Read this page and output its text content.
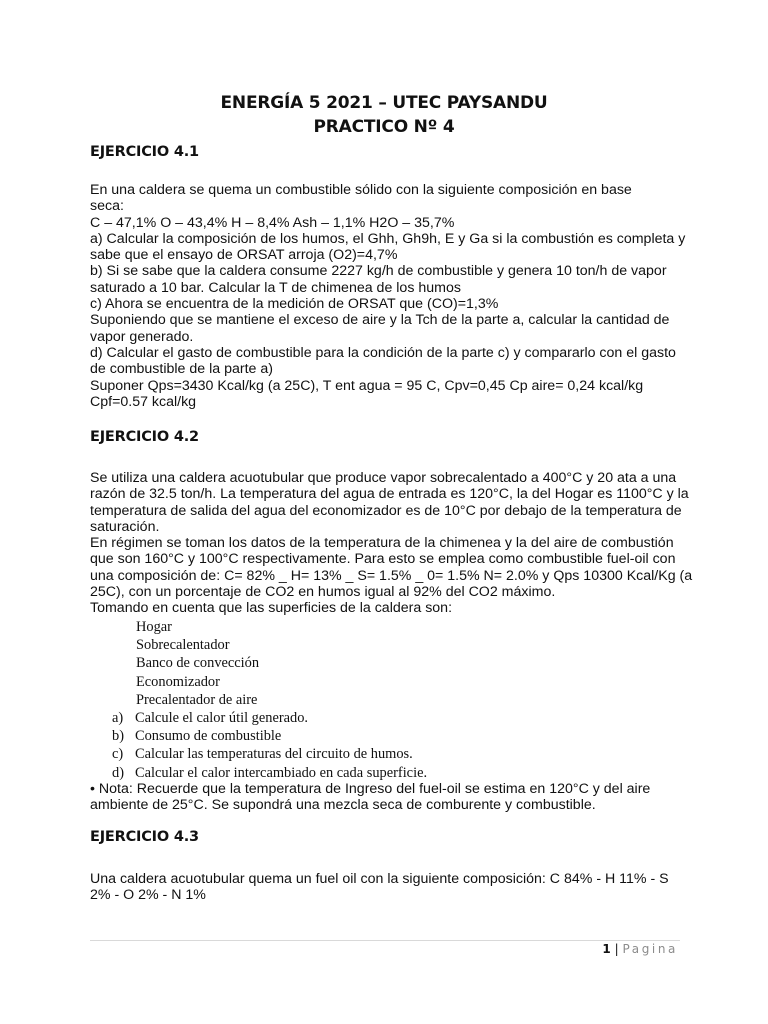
ENERGÍA 5 2021 – UTEC PAYSANDU
PRACTICO Nº 4
EJERCICIO 4.1
En una caldera se quema un combustible sólido con la siguiente composición en base
seca:
C – 47,1% O – 43,4% H – 8,4% Ash – 1,1% H2O – 35,7%
a) Calcular la composición de los humos, el Ghh, Gh9h, E y Ga si la combustión es completa y
sabe que el ensayo de ORSAT arroja (O2)=4,7%
b) Si se sabe que la caldera consume 2227 kg/h de combustible y genera 10 ton/h de vapor
saturado a 10 bar. Calcular la T de chimenea de los humos
c) Ahora se encuentra de la medición de ORSAT que (CO)=1,3%
Suponiendo que se mantiene el exceso de aire y la Tch de la parte a, calcular la cantidad de
vapor generado.
d) Calcular el gasto de combustible para la condición de la parte c) y compararlo con el gasto
de combustible de la parte a)
Suponer Qps=3430 Kcal/kg (a 25C), T ent agua = 95 C, Cpv=0,45 Cp aire= 0,24 kcal/kg
Cpf=0.57 kcal/kg
EJERCICIO 4.2
Se utiliza una caldera acuotubular que produce vapor sobrecalentado a 400°C y 20 ata a una
razón de 32.5 ton/h. La temperatura del agua de entrada es 120°C, la del Hogar es 1100°C y la
temperatura de salida del agua del economizador es de 10°C por debajo de la temperatura de
saturación.
En régimen se toman los datos de la temperatura de la chimenea y la del aire de combustión
que son 160°C y 100°C respectivamente. Para esto se emplea como combustible fuel-oil con
una composición de: C= 82% _ H= 13% _ S= 1.5% _ 0= 1.5% N= 2.0% y Qps 10300 Kcal/Kg (a
25C), con un porcentaje de CO2 en humos igual al 92% del CO2 máximo.
Tomando en cuenta que las superficies de la caldera son:
Hogar
Sobrecalentador
Banco de convección
Economizador
Precalentador de aire
a) Calcule el calor útil generado.
b) Consumo de combustible
c) Calcular las temperaturas del circuito de humos.
d) Calcular el calor intercambiado en cada superficie.
• Nota: Recuerde que la temperatura de Ingreso del fuel-oil se estima en 120°C y del aire
ambiente de 25°C. Se supondrá una mezcla seca de comburente y combustible.
EJERCICIO 4.3
Una caldera acuotubular quema un fuel oil con la siguiente composición: C 84% - H 11% - S
2% - O 2% - N 1%
1 | Pagina
